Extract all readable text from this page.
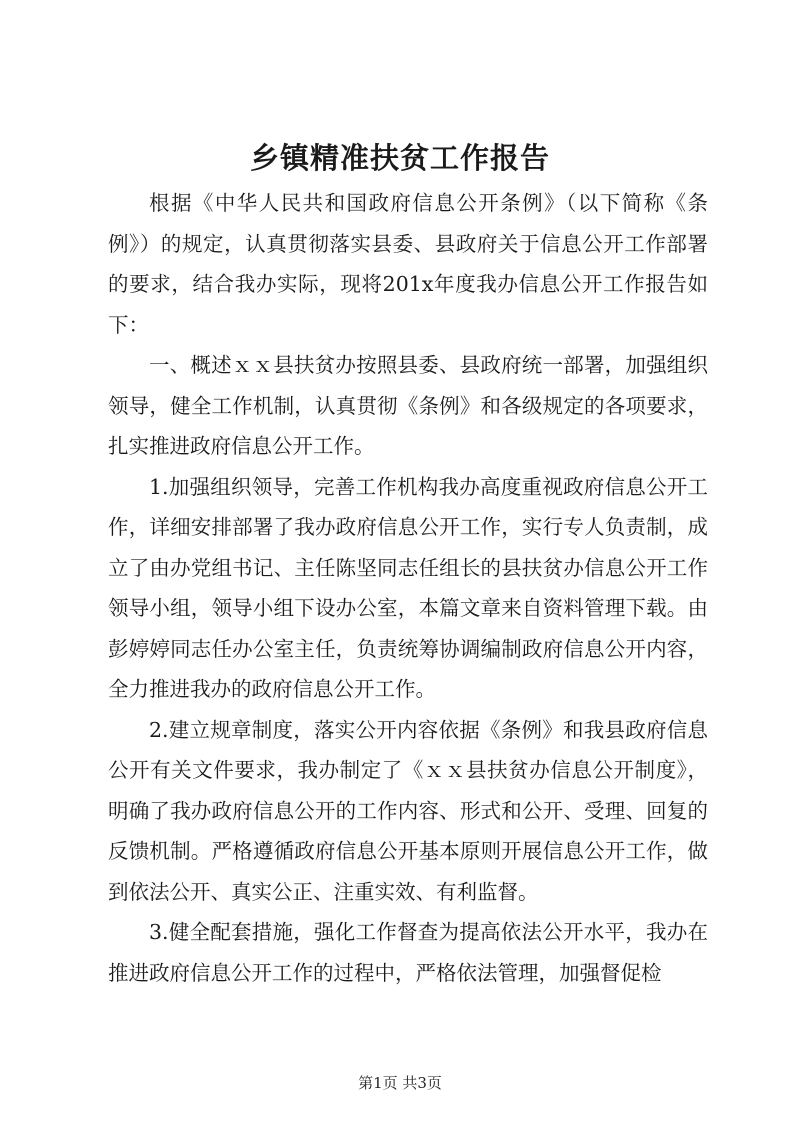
乡镇精准扶贫工作报告

根据《中华人民共和国政府信息公开条例》（以下简称《条例》）的规定，认真贯彻落实县委、县政府关于信息公开工作部署的要求，结合我办实际，现将201x年度我办信息公开工作报告如下：

一、概述ｘｘ县扶贫办按照县委、县政府统一部署，加强组织领导，健全工作机制，认真贯彻《条例》和各级规定的各项要求，扎实推进政府信息公开工作。

1.加强组织领导，完善工作机构我办高度重视政府信息公开工作，详细安排部署了我办政府信息公开工作，实行专人负责制，成立了由办党组书记、主任陈坚同志任组长的县扶贫办信息公开工作领导小组，领导小组下设办公室，本篇文章来自资料管理下载。由彭婷婷同志任办公室主任，负责统筹协调编制政府信息公开内容，全力推进我办的政府信息公开工作。

2.建立规章制度，落实公开内容依据《条例》和我县政府信息公开有关文件要求，我办制定了《ｘｘ县扶贫办信息公开制度》，明确了我办政府信息公开的工作内容、形式和公开、受理、回复的反馈机制。严格遵循政府信息公开基本原则开展信息公开工作，做到依法公开、真实公正、注重实效、有利监督。

3.健全配套措施，强化工作督查为提高依法公开水平，我办在推进政府信息公开工作的过程中，严格依法管理，加强督促检

第1页 共3页
